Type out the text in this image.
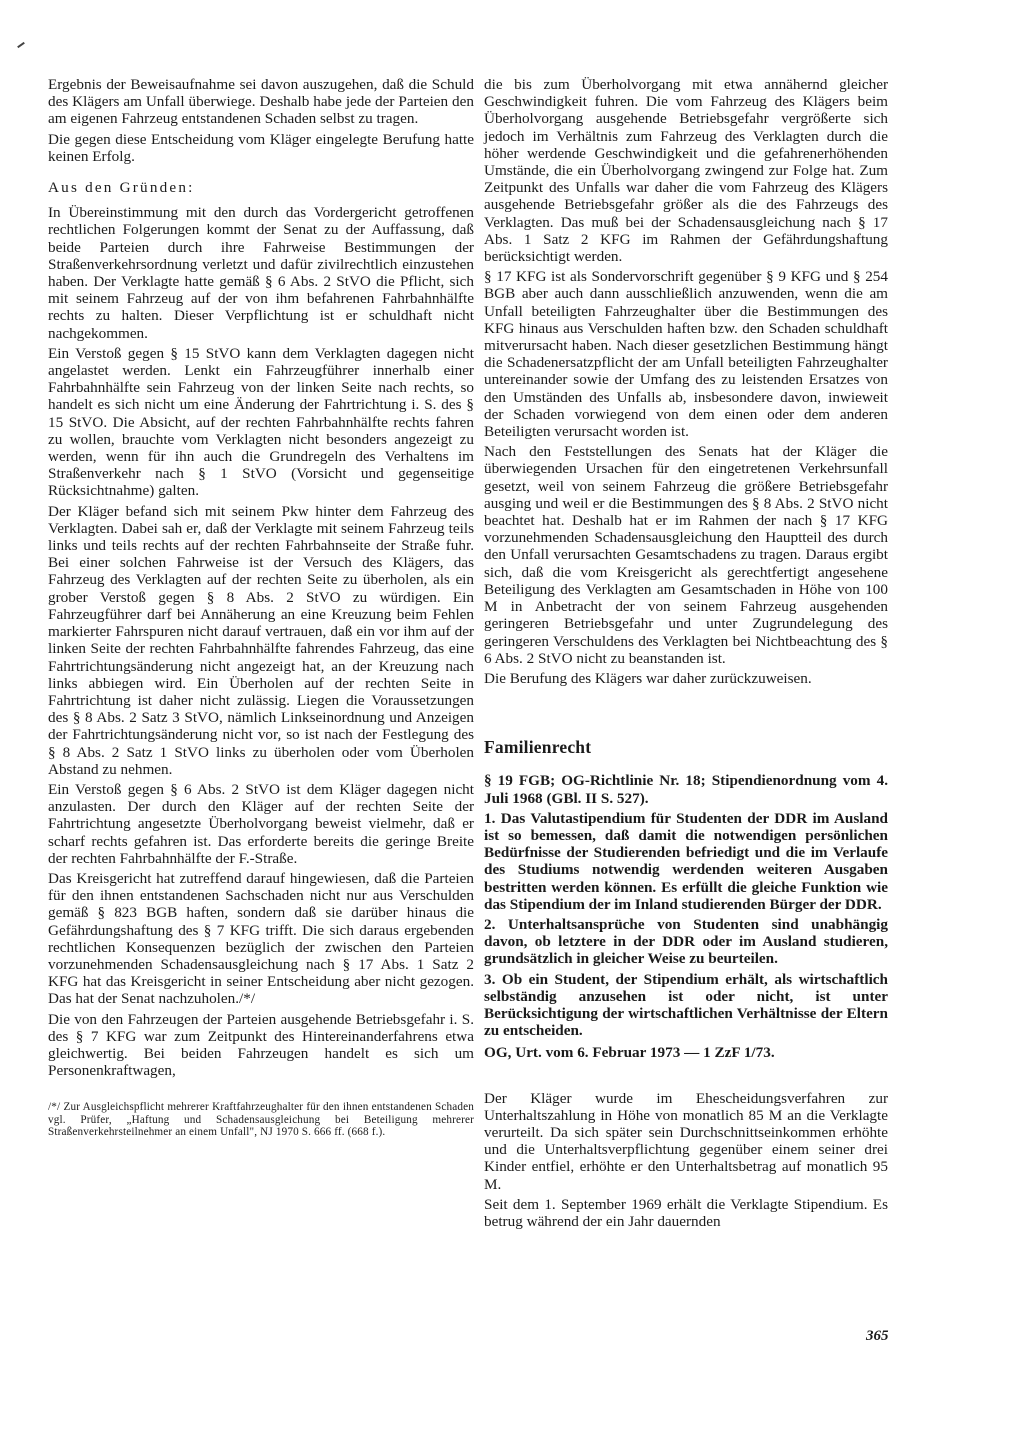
Ergebnis der Beweisaufnahme sei davon auszugehen, daß die Schuld des Klägers am Unfall überwiege. Deshalb habe jede der Parteien den am eigenen Fahrzeug entstandenen Schaden selbst zu tragen.

Die gegen diese Entscheidung vom Kläger eingelegte Berufung hatte keinen Erfolg.

Aus den Gründen:

In Übereinstimmung mit den durch das Vordergericht getroffenen rechtlichen Folgerungen kommt der Senat zu der Auffassung, daß beide Parteien durch ihre Fahrweise Bestimmungen der Straßenverkehrsordnung verletzt und dafür zivilrechtlich einzustehen haben. Der Verklagte hatte gemäß § 6 Abs. 2 StVO die Pflicht, sich mit seinem Fahrzeug auf der von ihm befahrenen Fahrbahnhälfte rechts zu halten. Dieser Verpflichtung ist er schuldhaft nicht nachgekommen.

Ein Verstoß gegen § 15 StVO kann dem Verklagten dagegen nicht angelastet werden. Lenkt ein Fahrzeugführer innerhalb einer Fahrbahnhälfte sein Fahrzeug von der linken Seite nach rechts, so handelt es sich nicht um eine Änderung der Fahrtrichtung i. S. des § 15 StVO. Die Absicht, auf der rechten Fahrbahnhälfte rechts fahren zu wollen, brauchte vom Verklagten nicht besonders angezeigt zu werden, wenn für ihn auch die Grundregeln des Verhaltens im Straßenverkehr nach § 1 StVO (Vorsicht und gegenseitige Rücksichtnahme) galten.

Der Kläger befand sich mit seinem Pkw hinter dem Fahrzeug des Verklagten. Dabei sah er, daß der Verklagte mit seinem Fahrzeug teils links und teils rechts auf der rechten Fahrbahnseite der Straße fuhr. Bei einer solchen Fahrweise ist der Versuch des Klägers, das Fahrzeug des Verklagten auf der rechten Seite zu überholen, als ein grober Verstoß gegen § 8 Abs. 2 StVO zu würdigen. Ein Fahrzeugführer darf bei Annäherung an eine Kreuzung beim Fehlen markierter Fahrspuren nicht darauf vertrauen, daß ein vor ihm auf der linken Seite der rechten Fahrbahnhälfte fahrendes Fahrzeug, das eine Fahrtrichtungsänderung nicht angezeigt hat, an der Kreuzung nach links abbiegen wird. Ein Überholen auf der rechten Seite in Fahrtrichtung ist daher nicht zulässig. Liegen die Voraussetzungen des § 8 Abs. 2 Satz 3 StVO, nämlich Linkseinordnung und Anzeigen der Fahrtrichtungsänderung nicht vor, so ist nach der Festlegung des § 8 Abs. 2 Satz 1 StVO links zu überholen oder vom Überholen Abstand zu nehmen.

Ein Verstoß gegen § 6 Abs. 2 StVO ist dem Kläger dagegen nicht anzulasten. Der durch den Kläger auf der rechten Seite der Fahrtrichtung angesetzte Überholvorgang beweist vielmehr, daß er scharf rechts gefahren ist. Das erforderte bereits die geringe Breite der rechten Fahrbahnhälfte der F.-Straße.

Das Kreisgericht hat zutreffend darauf hingewiesen, daß die Parteien für den ihnen entstandenen Sachschaden nicht nur aus Verschulden gemäß § 823 BGB haften, sondern daß sie darüber hinaus die Gefährdungshaftung des § 7 KFG trifft. Die sich daraus ergebenden rechtlichen Konsequenzen bezüglich der zwischen den Parteien vorzunehmenden Schadensausgleichung nach § 17 Abs. 1 Satz 2 KFG hat das Kreisgericht in seiner Entscheidung aber nicht gezogen. Das hat der Senat nachzuholen./*/

Die von den Fahrzeugen der Parteien ausgehende Betriebsgefahr i. S. des § 7 KFG war zum Zeitpunkt des Hintereinanderfahrens etwa gleichwertig. Bei beiden Fahrzeugen handelt es sich um Personenkraftwagen,

/*/ Zur Ausgleichspflicht mehrerer Kraftfahrzeughalter für den ihnen entstandenen Schaden vgl. Prüfer, „Haftung und Schadensausgleichung bei Beteiligung mehrerer Straßenverkehrsteilnehmer an einem Unfall", NJ 1970 S. 666 ff. (668 f.).

die bis zum Überholvorgang mit etwa annähernd gleicher Geschwindigkeit fuhren. Die vom Fahrzeug des Klägers beim Überholvorgang ausgehende Betriebsgefahr vergrößerte sich jedoch im Verhältnis zum Fahrzeug des Verklagten durch die höher werdende Geschwindigkeit und die gefahrenerhöhenden Umstände, die ein Überholvorgang zwingend zur Folge hat. Zum Zeitpunkt des Unfalls war daher die vom Fahrzeug des Klägers ausgehende Betriebsgefahr größer als die des Fahrzeugs des Verklagten. Das muß bei der Schadensausgleichung nach § 17 Abs. 1 Satz 2 KFG im Rahmen der Gefährdungshaftung berücksichtigt werden.

§ 17 KFG ist als Sondervorschrift gegenüber § 9 KFG und § 254 BGB aber auch dann ausschließlich anzuwenden, wenn die am Unfall beteiligten Fahrzeughalter über die Bestimmungen des KFG hinaus aus Verschulden haften bzw. den Schaden schuldhaft mitverursacht haben. Nach dieser gesetzlichen Bestimmung hängt die Schadenersatzpflicht der am Unfall beteiligten Fahrzeughalter untereinander sowie der Umfang des zu leistenden Ersatzes von den Umständen des Unfalls ab, insbesondere davon, inwieweit der Schaden vorwiegend von dem einen oder dem anderen Beteiligten verursacht worden ist.

Nach den Feststellungen des Senats hat der Kläger die überwiegenden Ursachen für den eingetretenen Verkehrsunfall gesetzt, weil von seinem Fahrzeug die größere Betriebsgefahr ausging und weil er die Bestimmungen des § 8 Abs. 2 StVO nicht beachtet hat. Deshalb hat er im Rahmen der nach § 17 KFG vorzunehmenden Schadensausgleichung den Hauptteil des durch den Unfall verursachten Gesamtschadens zu tragen. Daraus ergibt sich, daß die vom Kreisgericht als gerechtfertigt angesehene Beteiligung des Verklagten am Gesamtschaden in Höhe von 100 M in Anbetracht der von seinem Fahrzeug ausgehenden geringeren Betriebsgefahr und unter Zugrundelegung des geringeren Verschuldens des Verklagten bei Nichtbeachtung des § 6 Abs. 2 StVO nicht zu beanstanden ist.

Die Berufung des Klägers war daher zurückzuweisen.

Familienrecht

§ 19 FGB; OG-Richtlinie Nr. 18; Stipendienordnung vom 4. Juli 1968 (GBl. II S. 527).

1. Das Valutastipendium für Studenten der DDR im Ausland ist so bemessen, daß damit die notwendigen persönlichen Bedürfnisse der Studierenden befriedigt und die im Verlaufe des Studiums notwendig werdenden weiteren Ausgaben bestritten werden können. Es erfüllt die gleiche Funktion wie das Stipendium der im Inland studierenden Bürger der DDR.

2. Unterhaltsansprüche von Studenten sind unabhängig davon, ob letztere in der DDR oder im Ausland studieren, grundsätzlich in gleicher Weise zu beurteilen.

3. Ob ein Student, der Stipendium erhält, als wirtschaftlich selbständig anzusehen ist oder nicht, ist unter Berücksichtigung der wirtschaftlichen Verhältnisse der Eltern zu entscheiden.

OG, Urt. vom 6. Februar 1973 — 1 ZzF 1/73.

Der Kläger wurde im Ehescheidungsverfahren zur Unterhaltszahlung in Höhe von monatlich 85 M an die Verklagte verurteilt. Da sich später sein Durchschnittseinkommen erhöhte und die Unterhaltsverpflichtung gegenüber einem seiner drei Kinder entfiel, erhöhte er den Unterhaltsbetrag auf monatlich 95 M.

Seit dem 1. September 1969 erhält die Verklagte Stipendium. Es betrug während der ein Jahr dauernden

365
